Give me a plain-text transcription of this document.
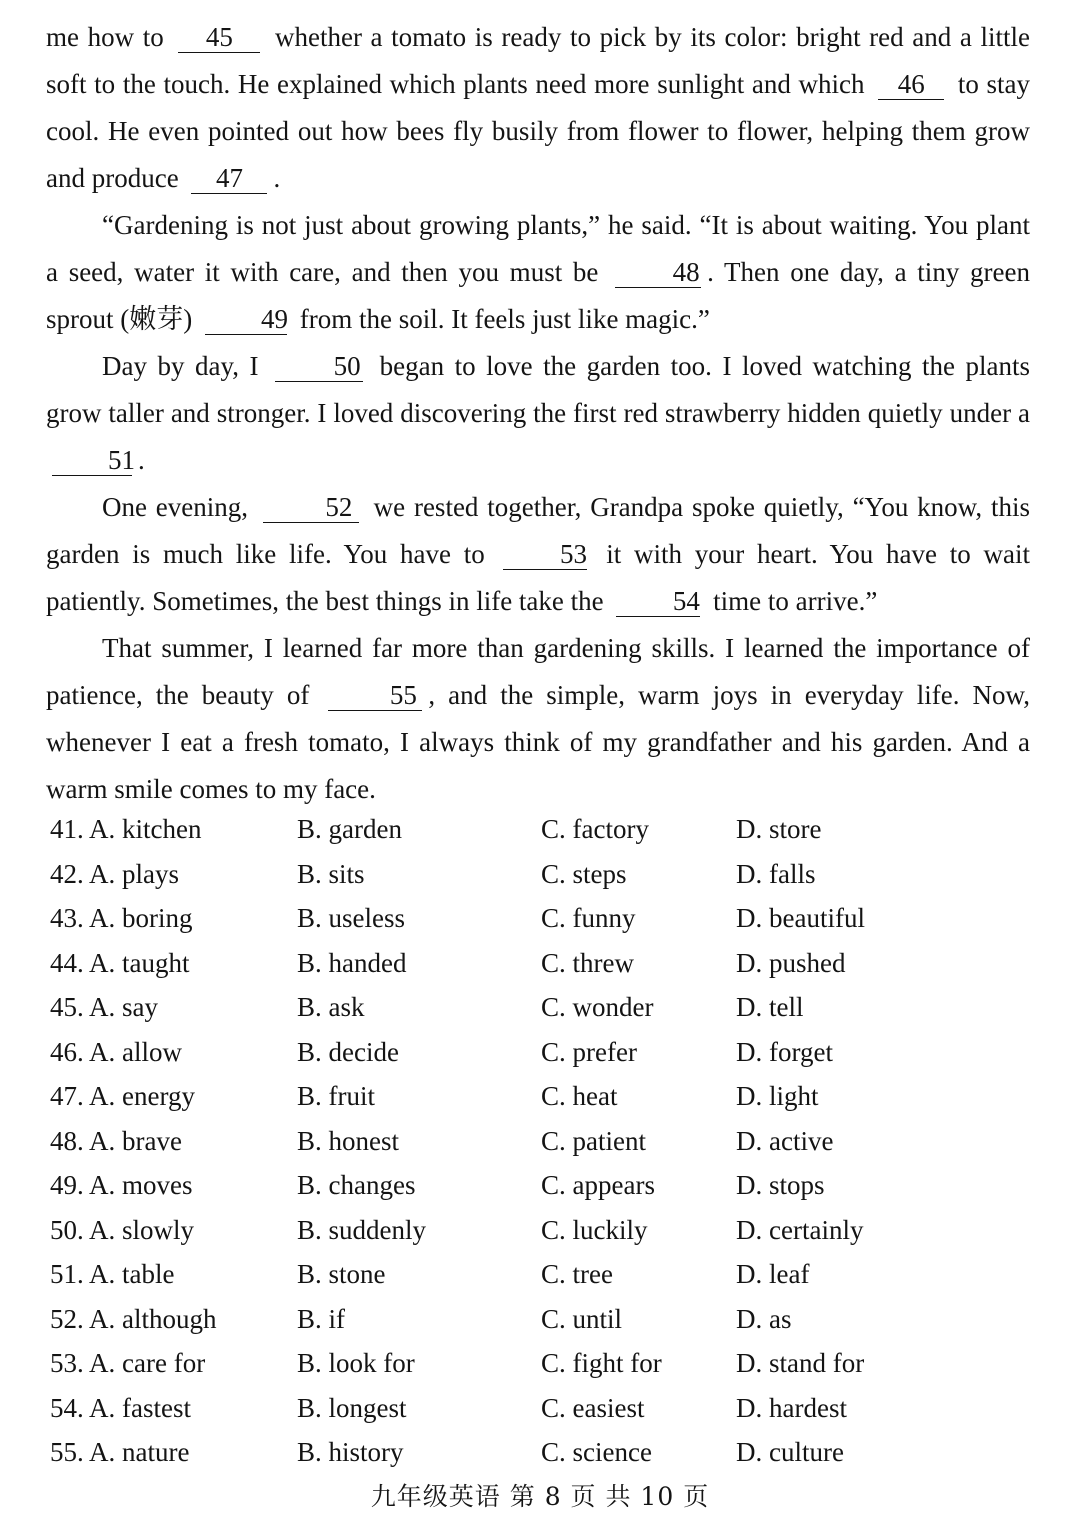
me how to 45 whether a tomato is ready to pick by its color: bright red and a little soft to the touch. He explained which plants need more sunlight and which 46 to stay cool. He even pointed out how bees fly busily from flower to flower, helping them grow and produce 47 .

“Gardening is not just about growing plants,” he said. “It is about waiting. You plant a seed, water it with care, and then you must be 48 . Then one day, a tiny green sprout (嫩芽) 49 from the soil. It feels just like magic.”

Day by day, I 50 began to love the garden too. I loved watching the plants grow taller and stronger. I loved discovering the first red strawberry hidden quietly under a 51 .

One evening,	52 we rested together, Grandpa spoke quietly, “You know, this garden is much like life. You have to 53 it with your heart. You have to wait patiently. Sometimes, the best things in life take the 54 time to arrive.”

That summer, I learned far more than gardening skills. I learned the importance of patience, the beauty of	55 , and the simple, warm joys in everyday life. Now, whenever I eat a fresh tomato, I always think of my grandfather and his garden. And a warm smile comes to my face.

41. A. kitchen	B. garden	C. factory	D. store
42. A. plays	B. sits	C. steps	D. falls
43. A. boring	B. useless	C. funny	D. beautiful
44. A. taught	B. handed	C. threw	D. pushed
45. A. say	B. ask	C. wonder	D. tell
46. A. allow	B. decide	C. prefer	D. forget
47. A. energy	B. fruit	C. heat	D. light
48. A. brave	B. honest	C. patient	D. active
49. A. moves	B. changes	C. appears	D. stops
50. A. slowly	B. suddenly	C. luckily	D. certainly
51. A. table	B. stone	C. tree	D. leaf
52. A. although	B. if	C. until	D. as
53. A. care for	B. look for	C. fight for	D. stand for
54. A. fastest	B. longest	C. easiest	D. hardest
55. A. nature	B. history	C. science	D. culture
九年级英语 第 8 页 共 10 页
